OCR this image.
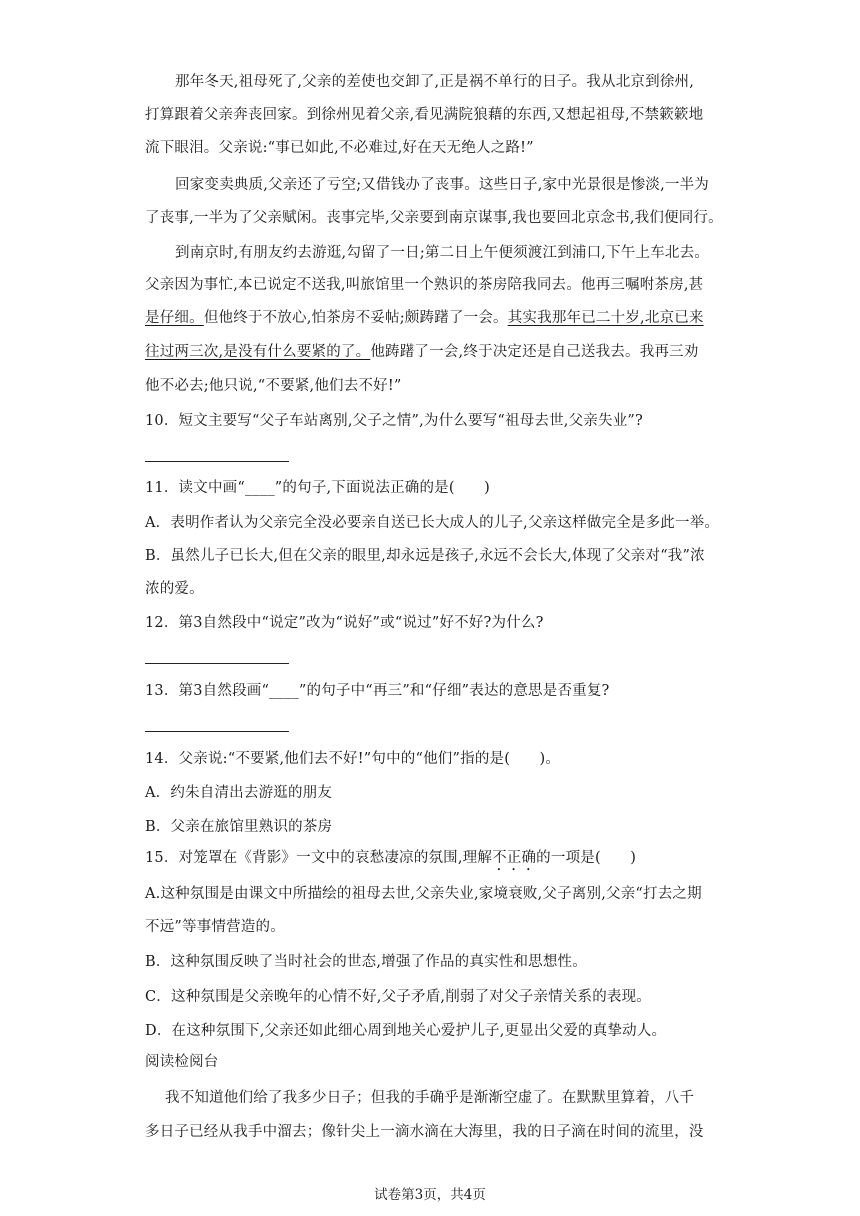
那年冬天,祖母死了,父亲的差使也交卸了,正是祸不单行的日子。我从北京到徐州,
打算跟着父亲奔丧回家。到徐州见着父亲,看见满院狼藉的东西,又想起祖母,不禁簌簌地
流下眼泪。父亲说:“事已如此,不必难过,好在天无绝人之路!”
回家变卖典质,父亲还了亏空;又借钱办了丧事。这些日子,家中光景很是惨淡,一半为
了丧事,一半为了父亲赋闲。丧事完毕,父亲要到南京谋事,我也要回北京念书,我们便同行。
到南京时,有朋友约去游逛,勾留了一日;第二日上午便须渡江到浦口,下午上车北去。
父亲因为事忙,本已说定不送我,叫旅馆里一个熟识的茶房陪我同去。他再三嘱咐茶房,甚
是仔细。但他终于不放心,怕茶房不妥帖;颇踌躇了一会。其实我那年已二十岁,北京已来
往过两三次,是没有什么要紧的了。他踌躇了一会,终于决定还是自己送我去。我再三劝
他不必去;他只说,“不要紧,他们去不好!”
10．短文主要写“父子车站离别,父子之情”,为什么要写“祖母去世,父亲失业”?
11．读文中画“____”的句子,下面说法正确的是(　　)
A．表明作者认为父亲完全没必要亲自送已长大成人的儿子,父亲这样做完全是多此一举。
B．虽然儿子已长大,但在父亲的眼里,却永远是孩子,永远不会长大,体现了父亲对“我”浓
浓的爱。
12．第3自然段中“说定”改为“说好”或“说过”好不好?为什么?
13．第3自然段画“____”的句子中“再三”和“仔细”表达的意思是否重复?
14．父亲说:“不要紧,他们去不好!”句中的“他们”指的是(　　)。
A．约朱自清出去游逛的朋友
B．父亲在旅馆里熟识的茶房
15．对笼罩在《背影》一文中的哀愁凄凉的氛围,理解不正确的一项是(　　)
A.这种氛围是由课文中所描绘的祖母去世,父亲失业,家境衰败,父子离别,父亲“打去之期
不远”等事情营造的。
B．这种氛围反映了当时社会的世态,增强了作品的真实性和思想性。
C．这种氛围是父亲晚年的心情不好,父子矛盾,削弱了对父子亲情关系的表现。
D．在这种氛围下,父亲还如此细心周到地关心爱护儿子,更显出父爱的真挚动人。
阅读检阅台
我不知道他们给了我多少日子；但我的手确乎是渐渐空虚了。在默默里算着，八千
多日子已经从我手中溜去；像针尖上一滴水滴在大海里，我的日子滴在时间的流里，没
试卷第3页，共4页
